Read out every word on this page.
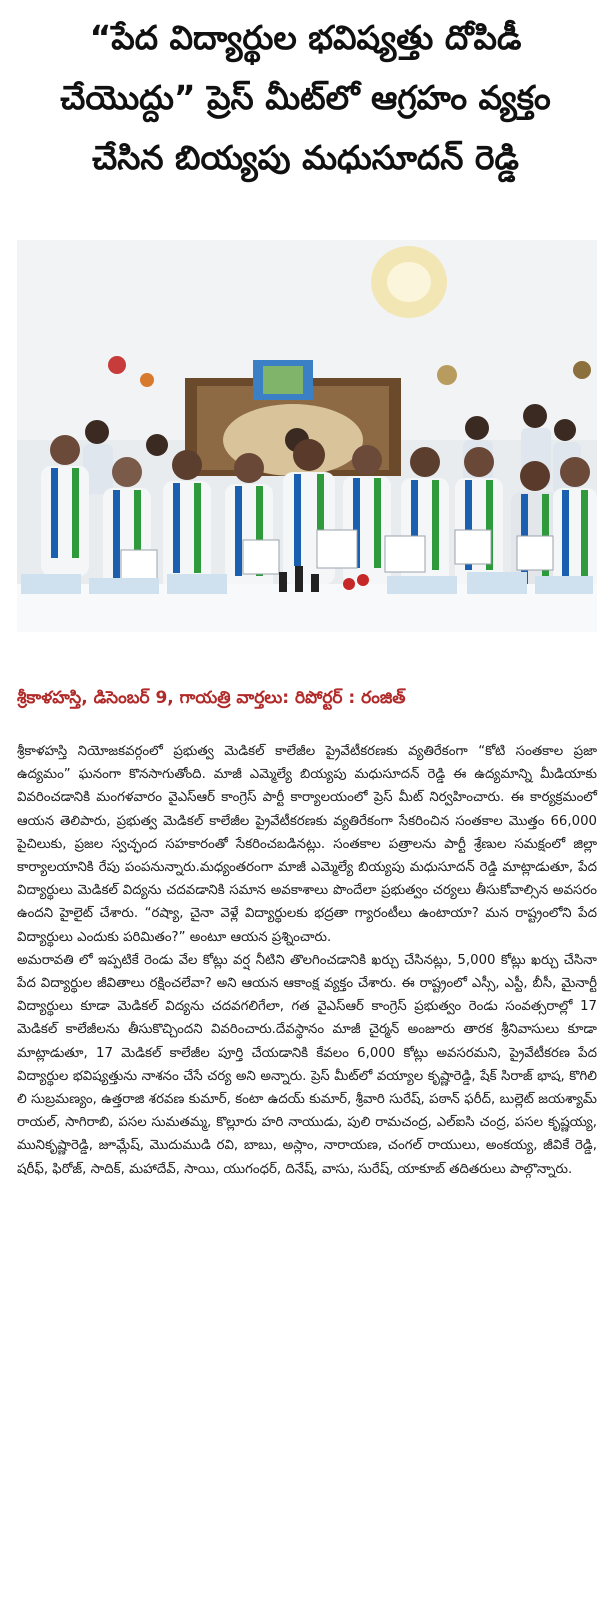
“పేద విద్యార్థుల భవిష్యత్తు దోపిడీ చేయొద్దు” ప్రెస్ మీట్‌లో ఆగ్రహం వ్యక్తం చేసిన బియ్యపు మధుసూదన్ రెడ్డి
శ్రీకాళహస్తి, డిసెంబర్ 9, గాయత్రి వార్తలు: రిపోర్టర్ : రంజిత్

శ్రీకాళహస్తి నియోజకవర్గంలో ప్రభుత్వ మెడికల్ కాలేజీల ప్రైవేటీకరణకు వ్యతిరేకంగా “కోటి సంతకాల ప్రజా ఉద్యమం” ఘనంగా కొనసాగుతోంది. మాజీ ఎమ్మెల్యే బియ్యపు మధుసూదన్ రెడ్డి ఈ ఉద్యమాన్ని మీడియాకు వివరించడానికి మంగళవారం వైఎస్ఆర్ కాంగ్రెస్ పార్టీ కార్యాలయంలో ప్రెస్ మీట్ నిర్వహించారు. ఈ కార్యక్రమంలో ఆయన తెలిపారు, ప్రభుత్వ మెడికల్ కాలేజీల ప్రైవేటీకరణకు వ్యతిరేకంగా సేకరించిన సంతకాల మొత్తం 66,000 పైచిలుకు, ప్రజల స్వచ్ఛంద సహకారంతో సేకరించబడినట్లు. సంతకాల పత్రాలను పార్టీ శ్రేణుల సమక్షంలో జిల్లా కార్యాలయానికి రేపు పంపనున్నారు.మధ్యంతరంగా మాజీ ఎమ్మెల్యే బియ్యపు మధుసూదన్ రెడ్డి మాట్లాడుతూ, పేద విద్యార్థులు మెడికల్ విద్యను చదవడానికి సమాన అవకాశాలు పొందేలా ప్రభుత్వం చర్యలు తీసుకోవాల్సిన అవసరం ఉందని హైలైట్ చేశారు. “రష్యా, చైనా వెళ్లే విద్యార్థులకు భద్రతా గ్యారంటీలు ఉంటాయా? మన రాష్ట్రంలోని పేద విద్యార్థులు ఎందుకు పరిమితం?” అంటూ ఆయన ప్రశ్నించారు.

అమరావతి లో ఇప్పటికే రెండు వేల కోట్లు వర్ష నీటిని తొలగించడానికి ఖర్చు చేసినట్లు, 5,000 కోట్లు ఖర్చు చేసినా పేద విద్యార్థుల జీవితాలు రక్షించలేవా? అని ఆయన ఆకాంక్ష వ్యక్తం చేశారు. ఈ రాష్ట్రంలో ఎస్సీ, ఎస్టీ, బీసీ, మైనార్టీ విద్యార్థులు కూడా మెడికల్ విద్యను చదవగలిగేలా, గత వైఎస్ఆర్ కాంగ్రెస్ ప్రభుత్వం రెండు సంవత్సరాల్లో 17 మెడికల్ కాలేజీలను తీసుకొచ్చిందని వివరించారు.దేవస్థానం మాజీ చైర్మన్ అంజూరు తారక శ్రీనివాసులు కూడా మాట్లాడుతూ, 17 మెడికల్ కాలేజీల పూర్తి చేయడానికి కేవలం 6,000 కోట్లు అవసరమని, ప్రైవేటీకరణ పేద విద్యార్థుల భవిష్యత్తును నాశనం చేసే చర్య అని అన్నారు. ప్రెస్ మీట్‌లో వయ్యాల కృష్ణారెడ్డి, షేక్ సిరాజ్ భాష, కొగిలి లి సుబ్రమణ్యం, ఉత్తరాజి శరవణ కుమార్, కంటా ఉదయ్ కుమార్, శ్రీవారి సురేష్, పఠాన్ ఫరీద్, బుల్లెట్ జయశ్యామ్ రాయల్, సాగిరాబి, పసల సుమతమ్మ, కొల్లూరు హరి నాయుడు, పులి రామచంద్ర, ఎల్ఐసి చంద్ర, పసల కృష్ణయ్య, మునికృష్ణారెడ్డి, జూమ్లేష్, మొదుముడి రవి, బాబు, అస్లాం, నారాయణ, చంగల్ రాయులు, అంకయ్య, జీవికే రెడ్డి, షరీఫ్, ఫిరోజ్, సాదిక్, మహాదేవ్, సాయి, యుగంధర్, దినేష్, వాసు, సురేష్, యాకూబ్ తదితరులు పాల్గొన్నారు.
